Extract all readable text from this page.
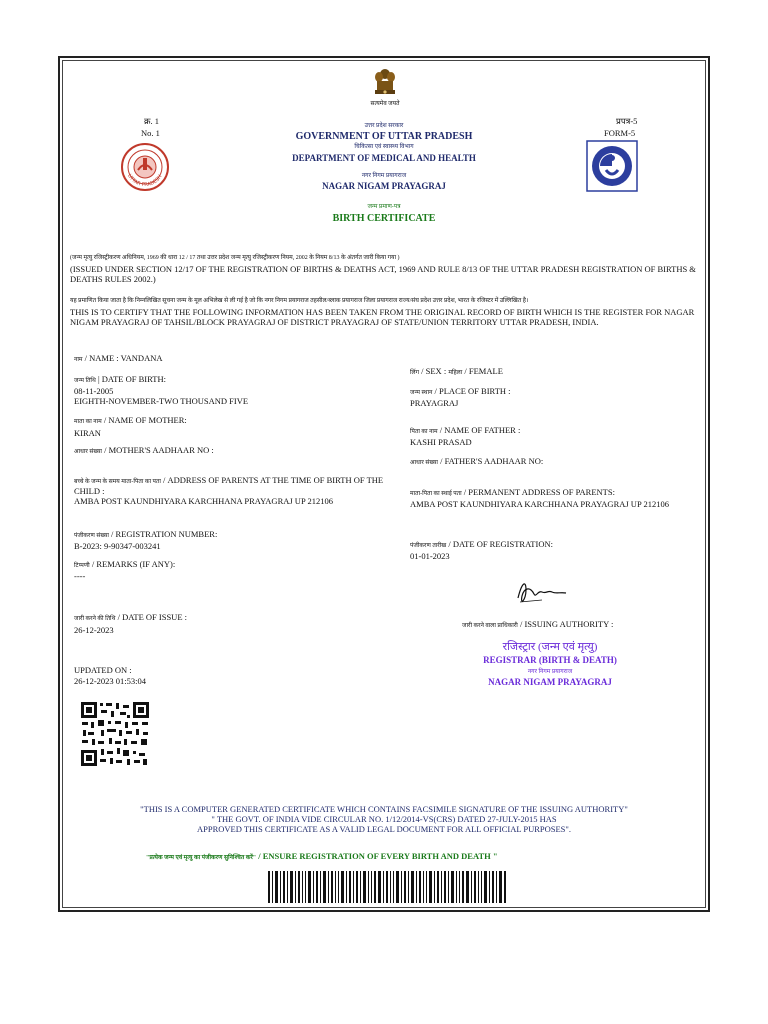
सत्यमेव जयते
क्र. 1
No. 1
प्रपत्र-5
FORM-5
UTTAR PRADESH
उत्तर प्रदेश सरकार
GOVERNMENT OF UTTAR PRADESH
चिकित्सा एवं स्वास्थ्य विभाग
DEPARTMENT OF MEDICAL AND HEALTH
नगर निगम प्रयागराज
NAGAR NIGAM PRAYAGRAJ
जन्म प्रमाण-पत्र
BIRTH CERTIFICATE
(जन्म मृत्यु रजिस्ट्रीकरण अधिनियम, 1969 की धारा 12 / 17 तथा उत्तर प्रदेश जन्म मृत्यु रजिस्ट्रीकरण नियम, 2002 के नियम 8/13 के अंतर्गत जारी किया गया )
(ISSUED UNDER SECTION 12/17 OF THE REGISTRATION OF BIRTHS & DEATHS ACT, 1969 AND RULE 8/13 OF THE UTTAR PRADESH REGISTRATION OF BIRTHS & DEATHS RULES 2002.)
यह प्रमाणित किया जाता है कि निम्नलिखित सूचना जन्म के मूल अभिलेख से ली गई है जो कि नगर निगम प्रयागराज तहसील/ब्लाक प्रयागराज जिला प्रयागराज राज्य/संघ प्रदेश उत्तर प्रदेश, भारत के रजिस्टर में उल्लिखित है।
THIS IS TO CERTIFY THAT THE FOLLOWING INFORMATION HAS BEEN TAKEN FROM THE ORIGINAL RECORD OF BIRTH WHICH IS THE REGISTER FOR NAGAR NIGAM PRAYAGRAJ OF TAHSIL/BLOCK PRAYAGRAJ OF DISTRICT PRAYAGRAJ OF STATE/UNION TERRITORY UTTAR PRADESH, INDIA.
नाम / NAME : VANDANA
जन्म तिथि | DATE OF BIRTH:
08-11-2005
EIGHTH-NOVEMBER-TWO THOUSAND FIVE
माता का नाम / NAME OF MOTHER:
KIRAN
आधार संख्या / MOTHER'S AADHAAR NO :
बच्चे के जन्म के समय माता-पिता का पता / ADDRESS OF PARENTS AT THE TIME OF BIRTH OF THE CHILD :
AMBA POST KAUNDHIYARA KARCHHANA PRAYAGRAJ UP 212106
पंजीकरण संख्या / REGISTRATION NUMBER:
B-2023: 9-90347-003241
टिप्पणी / REMARKS (IF ANY):
----
जारी करने की तिथि / DATE OF ISSUE :
26-12-2023
UPDATED ON :
26-12-2023 01:53:04
लिंग / SEX : महिला / FEMALE
जन्म स्थान / PLACE OF BIRTH :
PRAYAGRAJ
पिता का नाम / NAME OF FATHER :
KASHI PRASAD
आधार संख्या / FATHER'S AADHAAR NO:
माता-पिता का स्थाई पता / PERMANENT ADDRESS OF PARENTS:
AMBA POST KAUNDHIYARA KARCHHANA PRAYAGRAJ UP 212106
पंजीकरण तारीख / DATE OF REGISTRATION:
01-01-2023
जारी करने वाला प्राधिकारी / ISSUING AUTHORITY :
रजिस्ट्रार (जन्म एवं मृत्यु)
REGISTRAR (BIRTH & DEATH)
नगर निगम प्रयागराज
NAGAR NIGAM PRAYAGRAJ
"THIS IS A COMPUTER GENERATED CERTIFICATE WHICH CONTAINS FACSIMILE SIGNATURE OF THE ISSUING AUTHORITY"
" THE GOVT. OF INDIA VIDE CIRCULAR NO. 1/12/2014-VS(CRS) DATED 27-JULY-2015 HAS
APPROVED THIS CERTIFICATE AS A VALID LEGAL DOCUMENT FOR ALL OFFICIAL PURPOSES".
"प्रत्येक जन्म एवं मृत्यु का पंजीकरण सुनिश्चित करें" / ENSURE REGISTRATION OF EVERY BIRTH AND DEATH "
